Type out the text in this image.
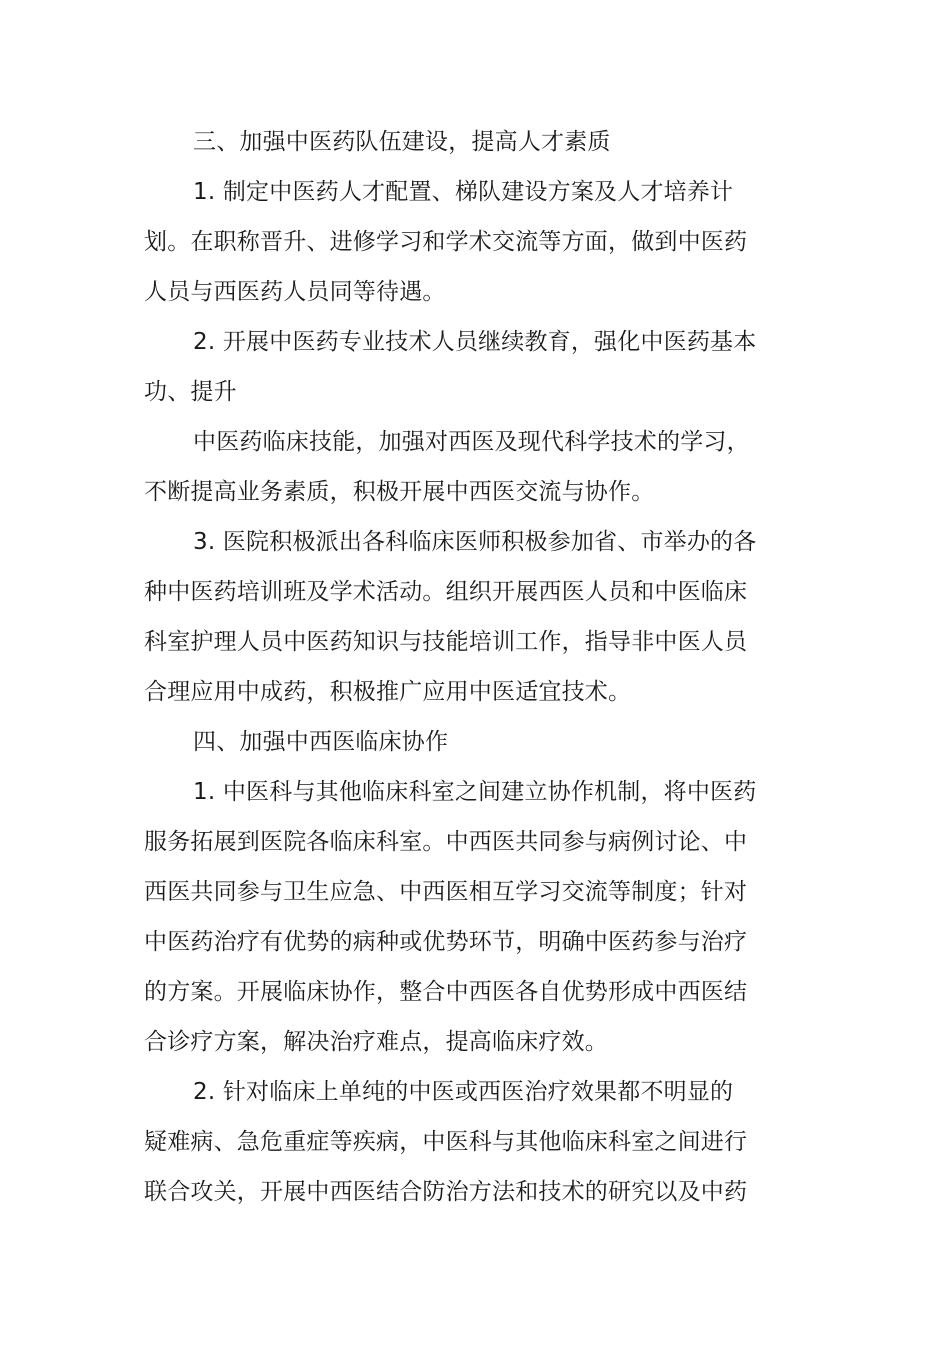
三、加强中医药队伍建设，提高人才素质

1. 制定中医药人才配置、梯队建设方案及人才培养计

划。在职称晋升、进修学习和学术交流等方面，做到中医药

人员与西医药人员同等待遇。

2. 开展中医药专业技术人员继续教育，强化中医药基本

功、提升

中医药临床技能，加强对西医及现代科学技术的学习，

不断提高业务素质，积极开展中西医交流与协作。

3. 医院积极派出各科临床医师积极参加省、市举办的各

种中医药培训班及学术活动。组织开展西医人员和中医临床

科室护理人员中医药知识与技能培训工作，指导非中医人员

合理应用中成药，积极推广应用中医适宜技术。

四、加强中西医临床协作

1. 中医科与其他临床科室之间建立协作机制，将中医药

服务拓展到医院各临床科室。中西医共同参与病例讨论、中

西医共同参与卫生应急、中西医相互学习交流等制度；针对

中医药治疗有优势的病种或优势环节，明确中医药参与治疗

的方案。开展临床协作，整合中西医各自优势形成中西医结

合诊疗方案，解决治疗难点，提高临床疗效。

2. 针对临床上单纯的中医或西医治疗效果都不明显的

疑难病、急危重症等疾病，中医科与其他临床科室之间进行

联合攻关，开展中西医结合防治方法和技术的研究以及中药
